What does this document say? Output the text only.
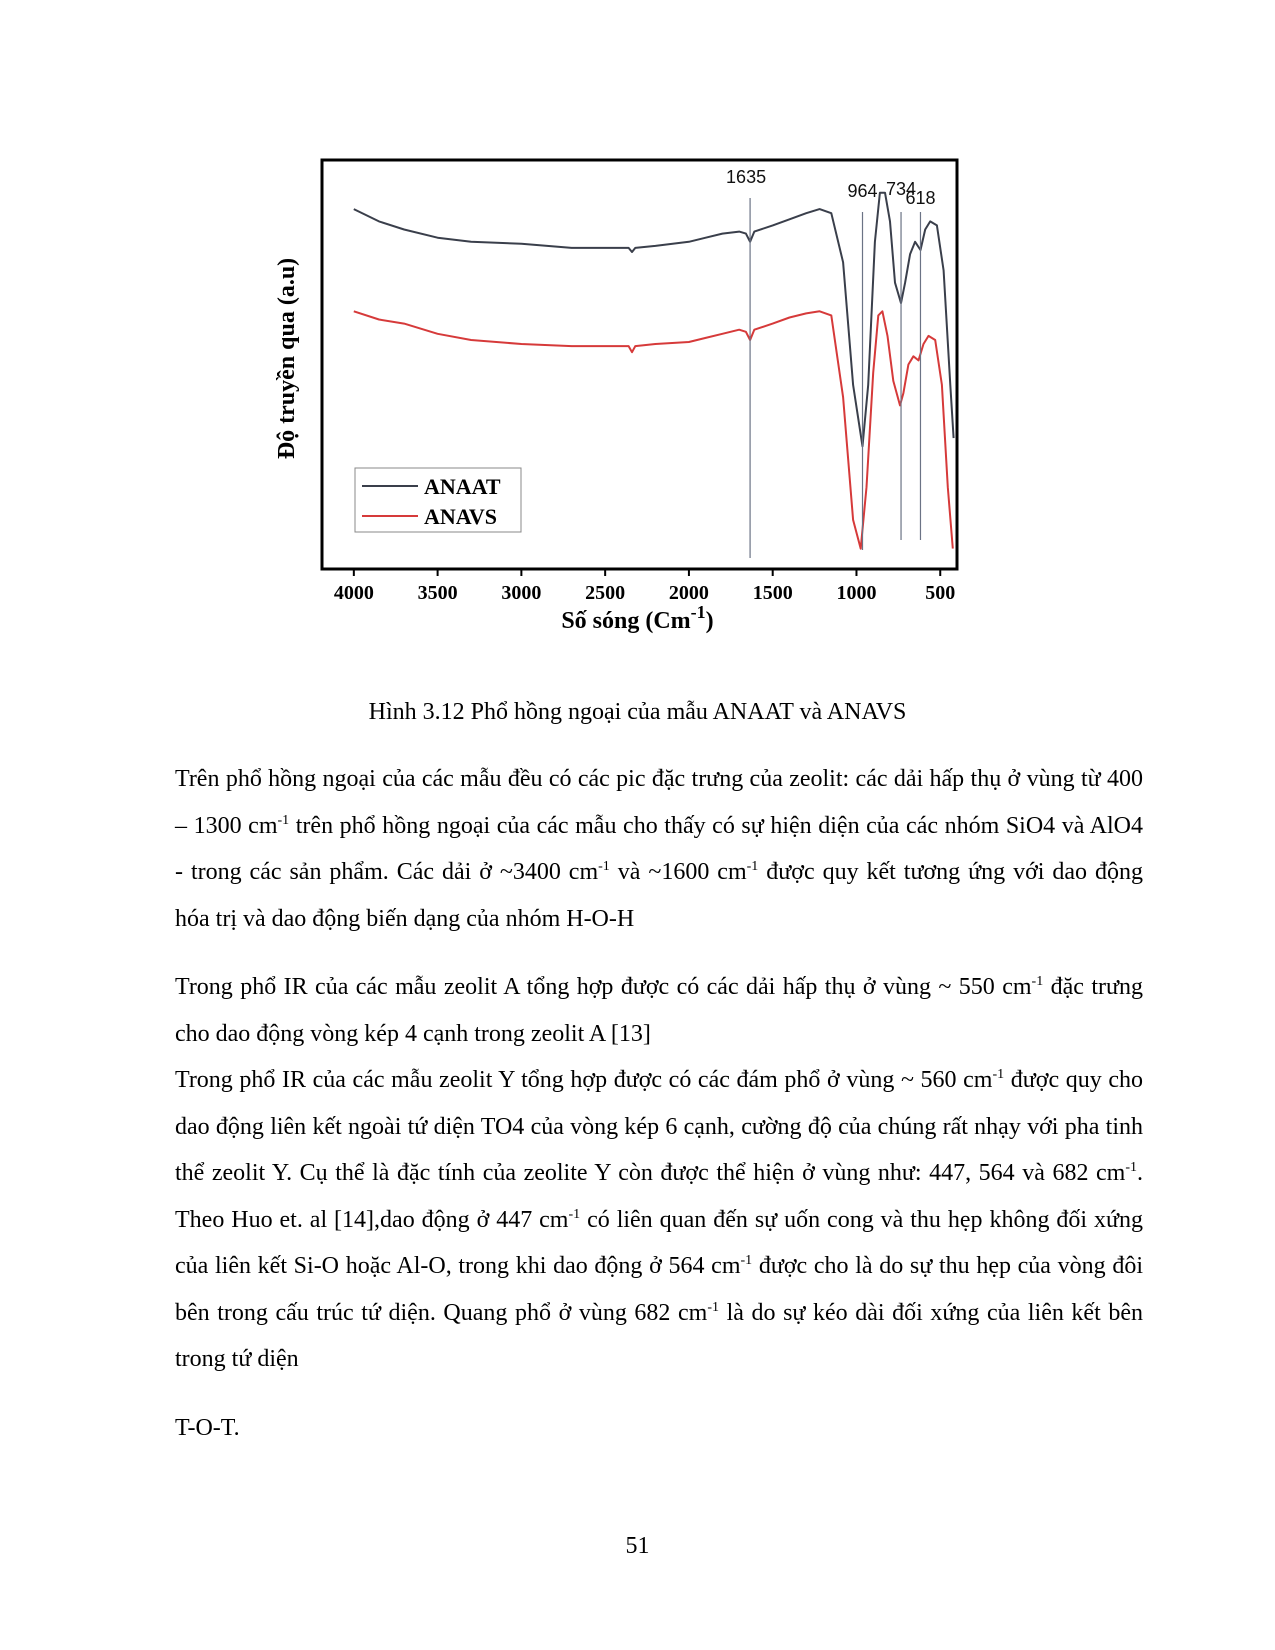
1635
964 734
618
4000 3500 3000 2500 2000 1500 1000 500
ANAAT
ANAVS
Độ truyền qua (a.u)
Số sóng $(Cm^{-1})$
Hình 3.12 Phổ hồng ngoại của mẫu ANAAT và ANAVS

Trên phổ hồng ngoại của các mẫu đều có các pic đặc trưng của zeolit: các dải hấp thụ ở vùng từ 400 – 1300 $cm^{-1}$ trên phổ hồng ngoại của các mẫu cho thấy có sự hiện diện của các nhóm SiO4 và AlO4 - trong các sản phẩm. Các dải ở ~3400 $cm^{-1}$ và ~1600 $cm^{-1}$ được quy kết tương ứng với dao động hóa trị và dao động biến dạng của nhóm H-O-H

Trong phổ IR của các mẫu zeolit A tổng hợp được có các dải hấp thụ ở vùng ~ 550 $cm^{-1}$ đặc trưng cho dao động vòng kép 4 cạnh trong zeolit A [13]

Trong phổ IR của các mẫu zeolit Y tổng hợp được có các đám phổ ở vùng ~ 560 $cm^{-1}$ được quy cho dao động liên kết ngoài tứ diện TO4 của vòng kép 6 cạnh, cường độ của chúng rất nhạy với pha tinh thể zeolit Y. Cụ thể là đặc tính của zeolite Y còn được thể hiện ở vùng như: 447, 564 và 682 $cm^{-1}$. Theo Huo et. al [14],dao động ở 447 $cm^{-1}$ có liên quan đến sự uốn cong và thu hẹp không đối xứng của liên kết Si-O hoặc Al-O, trong khi dao động ở 564 $cm^{-1}$ được cho là do sự thu hẹp của vòng đôi bên trong cấu trúc tứ diện. Quang phổ ở vùng 682 $cm^{-1}$ là do sự kéo dài đối xứng của liên kết bên trong tứ diện

T-O-T.

51
